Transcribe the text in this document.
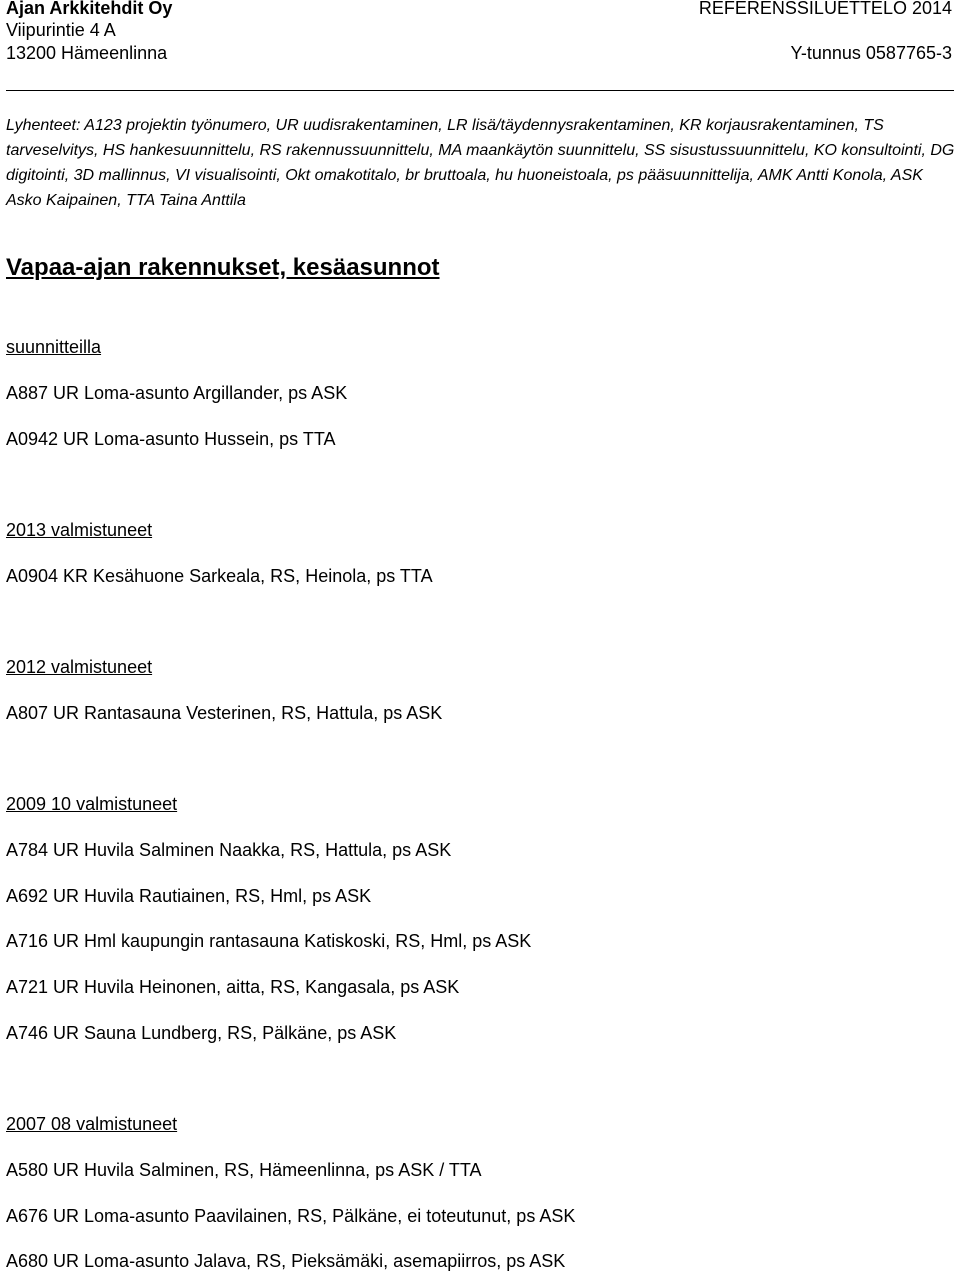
Ajan Arkkitehdit Oy	REFERENSSILUETTELO 2014
Viipurintie 4 A
13200 Hämeenlinna	Y-tunnus 0587765-3

Lyhenteet: A123 projektin työnumero, UR uudisrakentaminen, LR lisä/täydennysrakentaminen, KR korjausrakentaminen, TS tarveselvitys, HS hankesuunnittelu, RS rakennussuunnittelu, MA maankäytön suunnittelu, SS sisustussuunnittelu, KO konsultointi, DG digitointi, 3D mallinnus, VI visualisointi, Okt omakotitalo, br bruttoala, hu huoneistoala, ps pääsuunnittelija, AMK Antti Konola, ASK Asko Kaipainen, TTA Taina Anttila

Vapaa-ajan rakennukset, kesäasunnot
suunnitteilla
A887 UR Loma-asunto Argillander, ps ASK
A0942 UR Loma-asunto Hussein, ps TTA
2013 valmistuneet
A0904 KR Kesähuone Sarkeala, RS, Heinola, ps TTA
2012 valmistuneet
A807 UR Rantasauna Vesterinen, RS, Hattula, ps ASK
2009 10 valmistuneet
A784 UR Huvila Salminen Naakka, RS, Hattula, ps ASK
A692 UR Huvila Rautiainen, RS, Hml, ps ASK
A716 UR Hml kaupungin rantasauna Katiskoski, RS, Hml, ps ASK
A721 UR Huvila Heinonen, aitta, RS, Kangasala, ps ASK
A746 UR Sauna Lundberg, RS, Pälkäne, ps ASK
2007 08 valmistuneet
A580 UR Huvila Salminen, RS, Hämeenlinna, ps ASK / TTA
A676 UR Loma-asunto Paavilainen, RS, Pälkäne, ei toteutunut, ps ASK
A680 UR Loma-asunto Jalava, RS, Pieksämäki, asemapiirros, ps ASK
